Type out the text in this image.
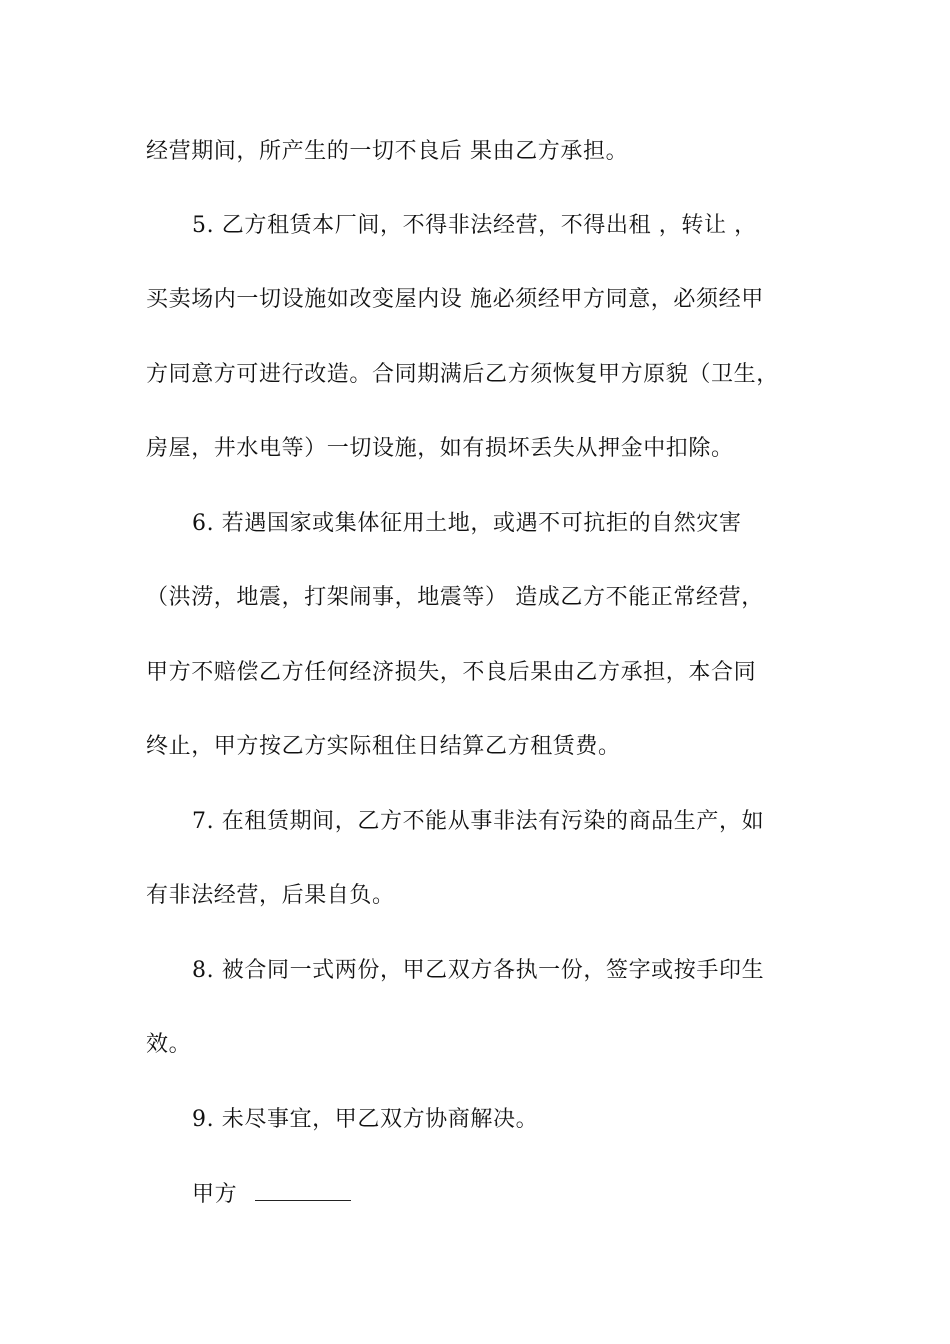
经营期间，所产生的一切不良后 果由乙方承担。
5. 乙方租赁本厂间，不得非法经营，不得出租 ，转让 ，
买卖场内一切设施如改变屋内设 施必须经甲方同意，必须经甲
方同意方可进行改造。合同期满后乙方须恢复甲方原貌（卫生，
房屋，井水电等）一切设施，如有损坏丢失从押金中扣除。
6. 若遇国家或集体征用土地，或遇不可抗拒的自然灾害
（洪涝，地震，打架闹事，地震等） 造成乙方不能正常经营，
甲方不赔偿乙方任何经济损失，不良后果由乙方承担，本合同
终止，甲方按乙方实际租住日结算乙方租赁费。
7. 在租赁期间，乙方不能从事非法有污染的商品生产，如
有非法经营，后果自负。
8. 被合同一式两份，甲乙双方各执一份，签字或按手印生
效。
9. 未尽事宜，甲乙双方协商解决。
甲方
